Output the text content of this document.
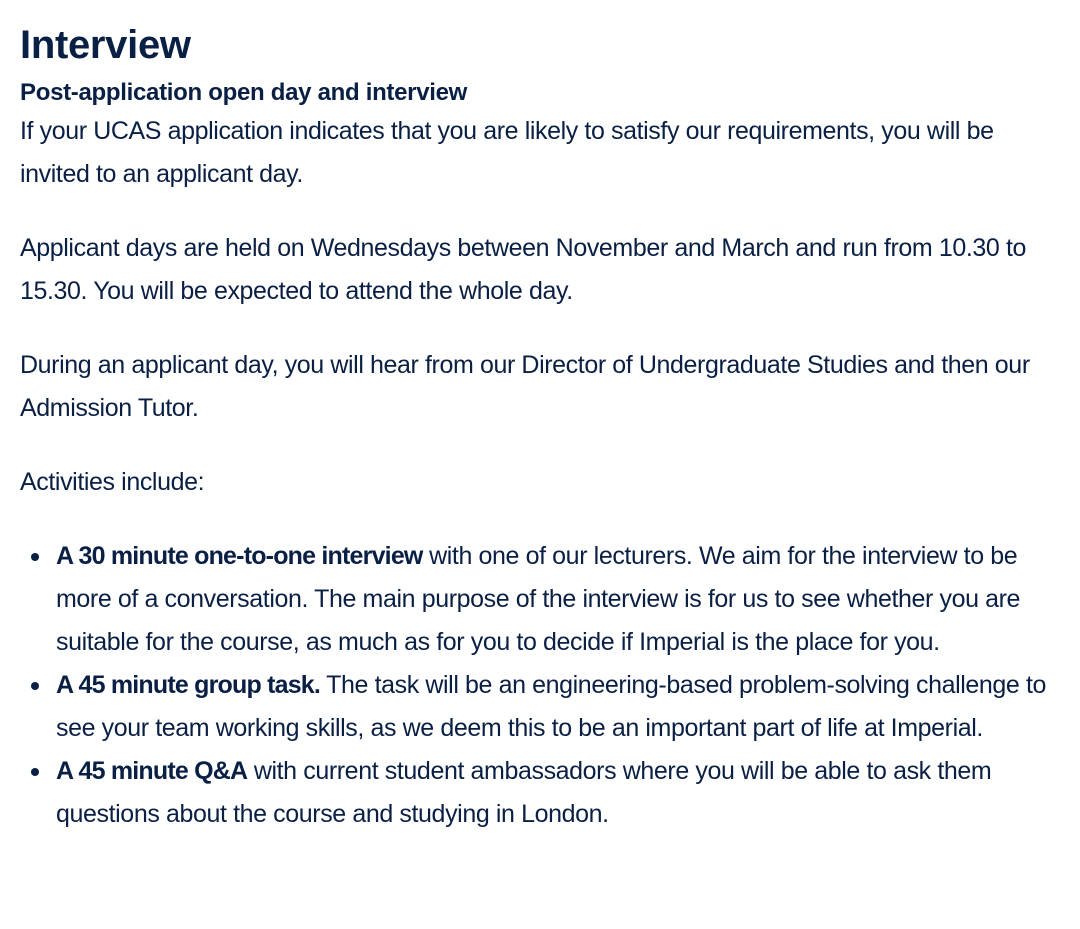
Interview
Post-application open day and interview

If your UCAS application indicates that you are likely to satisfy our requirements, you will be invited to an applicant day.

Applicant days are held on Wednesdays between November and March and run from 10.30 to 15.30. You will be expected to attend the whole day.

During an applicant day, you will hear from our Director of Undergraduate Studies and then our Admission Tutor.

Activities include:

A 30 minute one-to-one interview with one of our lecturers. We aim for the interview to be more of a conversation. The main purpose of the interview is for us to see whether you are suitable for the course, as much as for you to decide if Imperial is the place for you.
A 45 minute group task. The task will be an engineering-based problem-solving challenge to see your team working skills, as we deem this to be an important part of life at Imperial.
A 45 minute Q&A with current student ambassadors where you will be able to ask them questions about the course and studying in London.
